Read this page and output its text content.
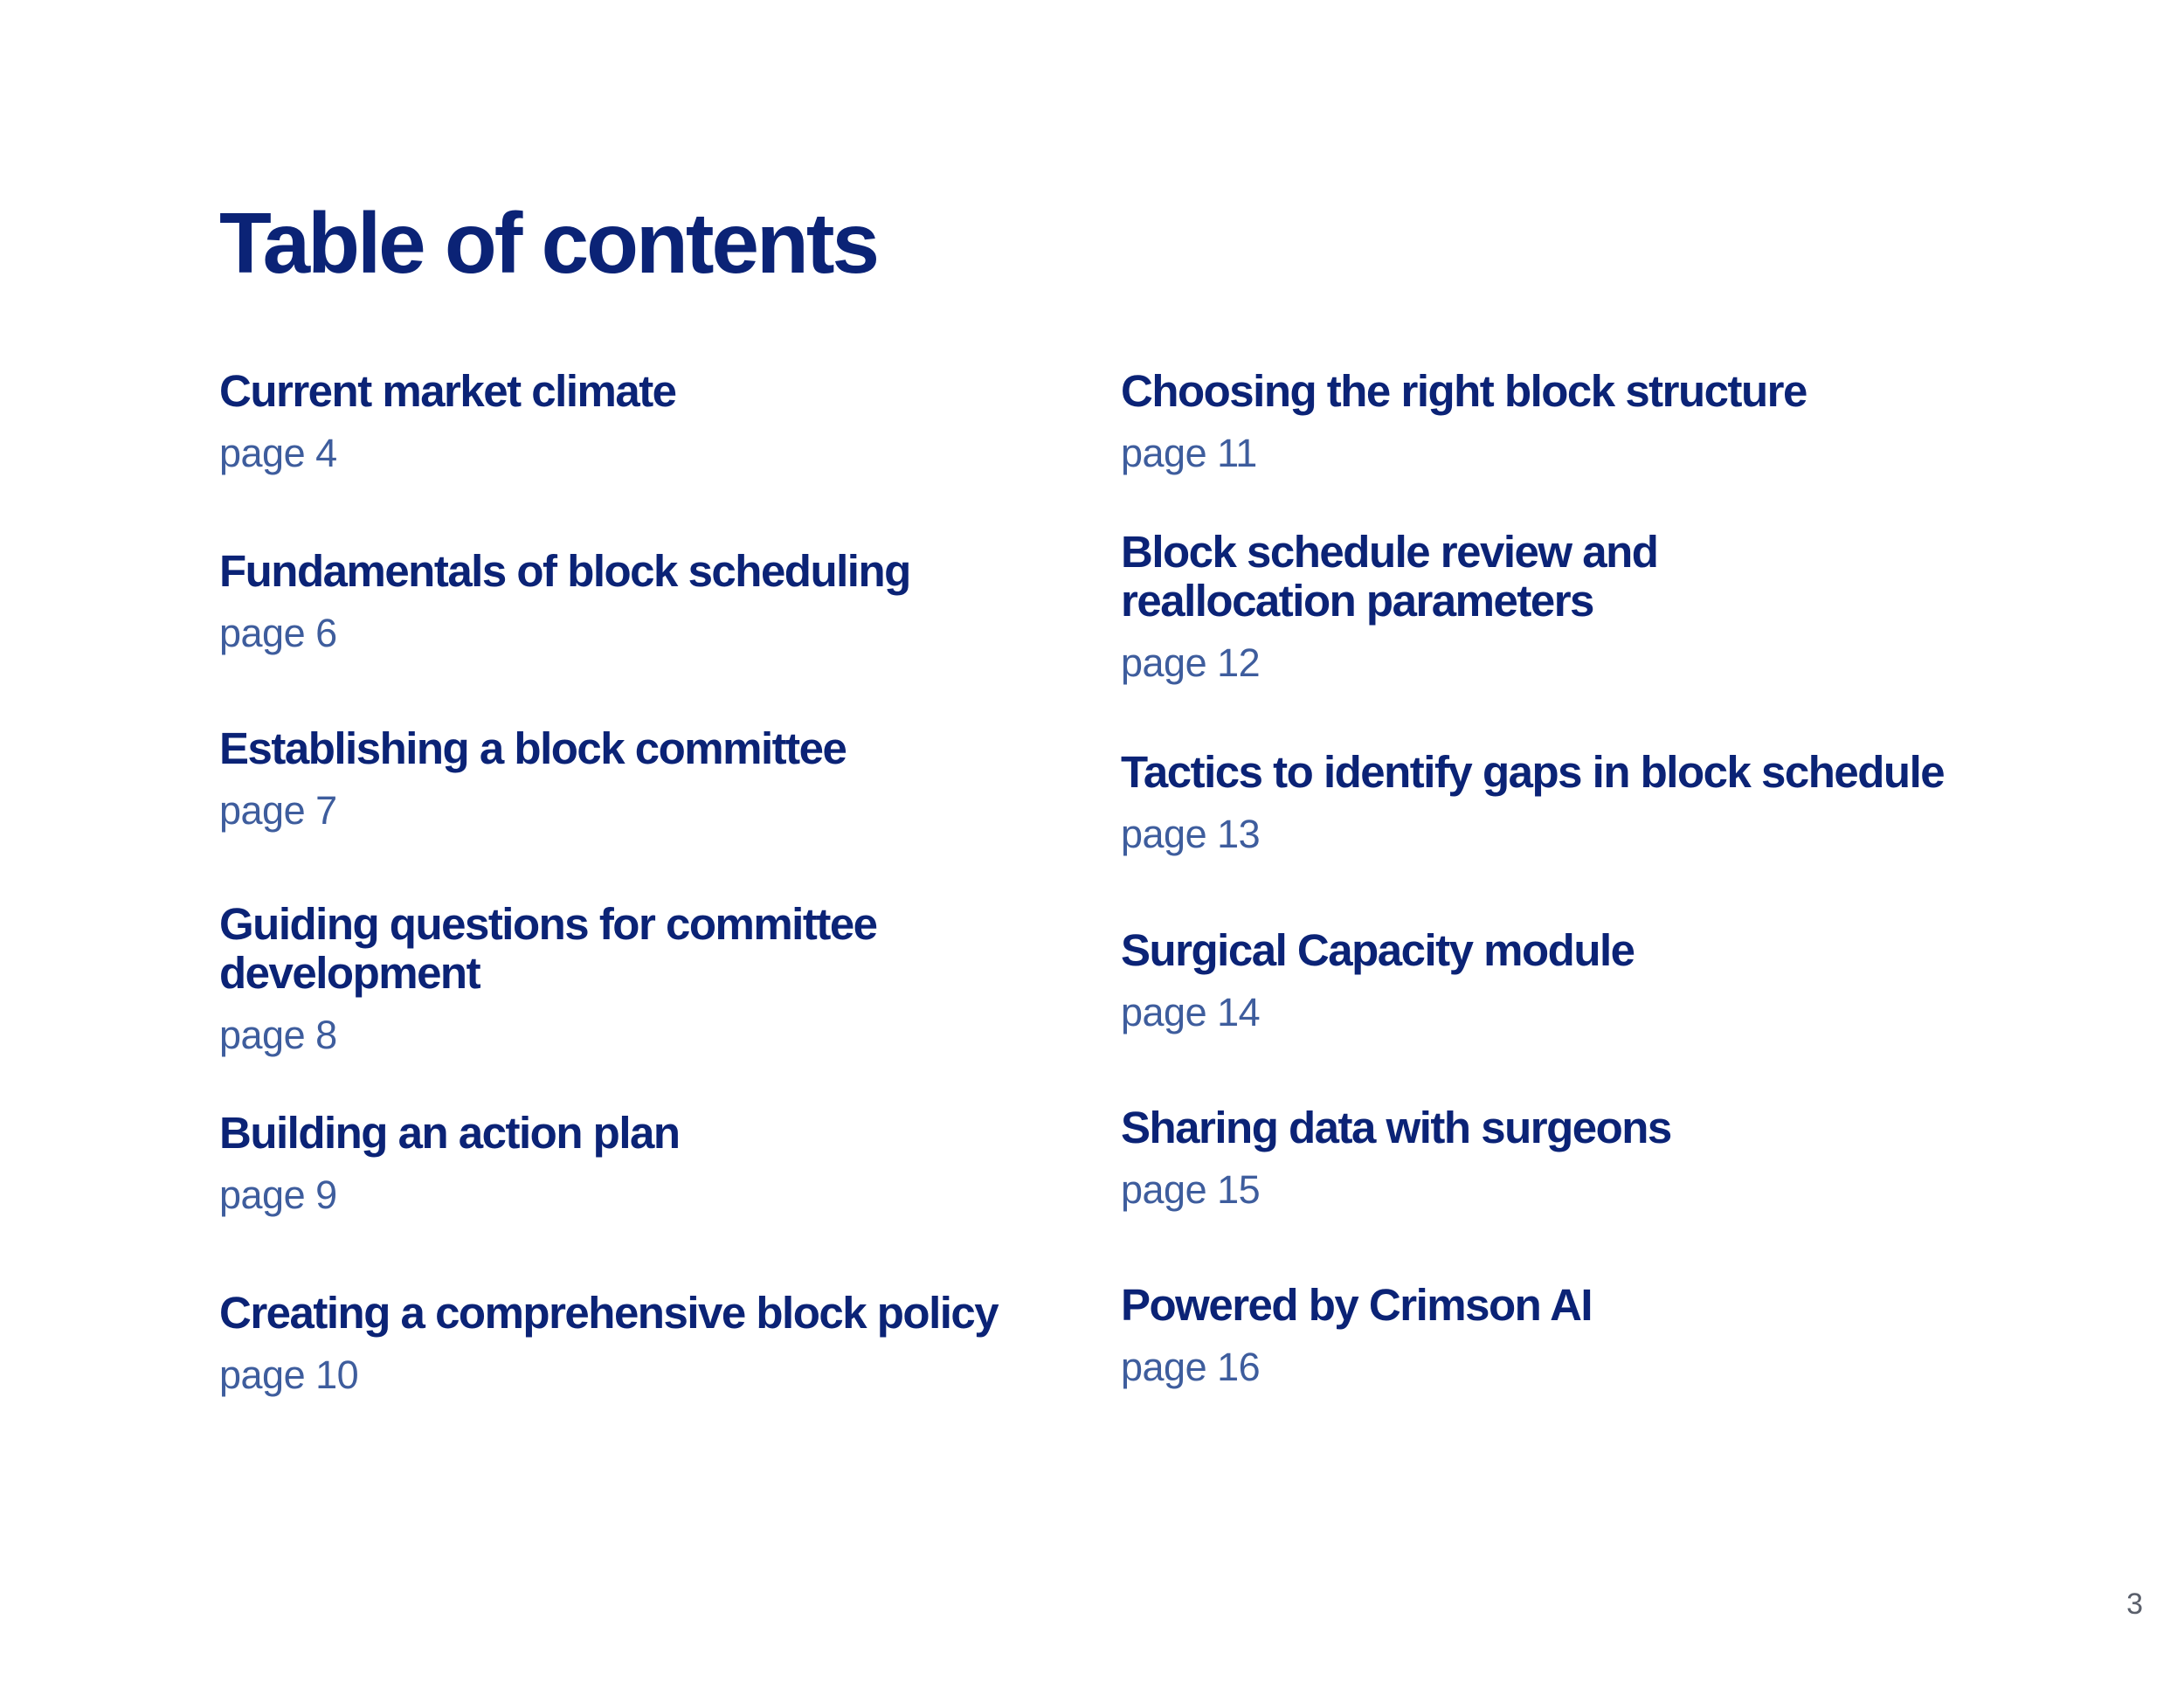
Table of contents
Current market climate
page 4
Fundamentals of block scheduling
page 6
Establishing a block committee
page 7
Guiding questions for committee
development
page 8
Building an action plan
page 9
Creating a comprehensive block policy
page 10
Choosing the right block structure
page 11
Block schedule review and
reallocation parameters
page 12
Tactics to identify gaps in block schedule
page 13
Surgical Capacity module
page 14
Sharing data with surgeons
page 15
Powered by Crimson AI
page 16
3
